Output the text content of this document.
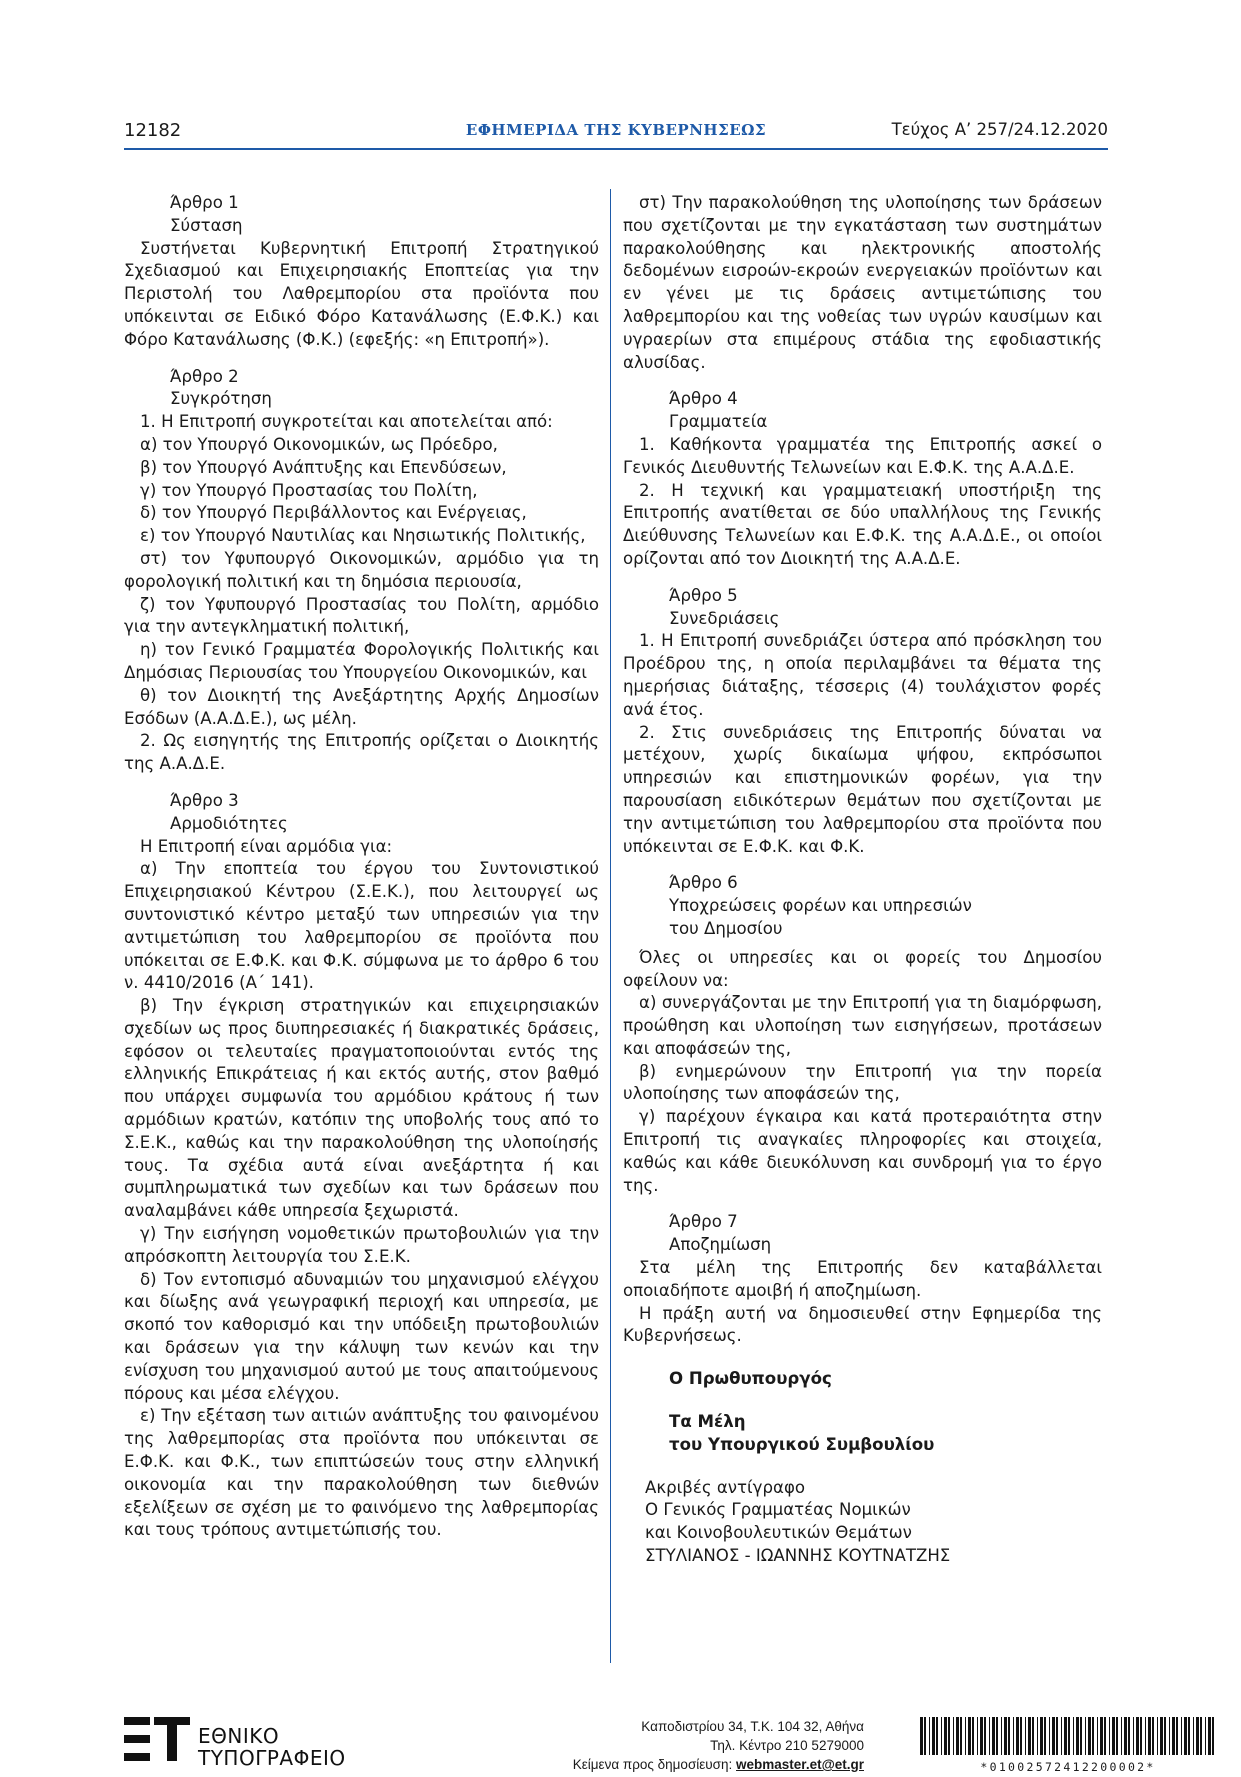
12182	ΕΦΗΜΕΡΙΔΑ ΤΗΣ ΚΥΒΕΡΝΗΣΕΩΣ	Τεύχος A’ 257/24.12.2020

Άρθρο 1

Σύσταση

Συστήνεται Κυβερνητική Επιτροπή Στρατηγικού Σχεδιασμού και Επιχειρησιακής Εποπτείας για την Περιστολή του Λαθρεμπορίου στα προϊόντα που υπόκεινται σε Ειδικό Φόρο Κατανάλωσης (Ε.Φ.Κ.) και Φόρο Κατανάλωσης (Φ.Κ.) (εφεξής: «η Επιτροπή»).

Άρθρο 2

Συγκρότηση

1. Η Επιτροπή συγκροτείται και αποτελείται από:

α) τον Υπουργό Οικονομικών, ως Πρόεδρο,

β) τον Υπουργό Ανάπτυξης και Επενδύσεων,

γ) τον Υπουργό Προστασίας του Πολίτη,

δ) τον Υπουργό Περιβάλλοντος και Ενέργειας,

ε) τον Υπουργό Ναυτιλίας και Νησιωτικής Πολιτικής,

στ) τον Υφυπουργό Οικονομικών, αρμόδιο για τη φορολογική πολιτική και τη δημόσια περιουσία,

ζ) τον Υφυπουργό Προστασίας του Πολίτη, αρμόδιο για την αντεγκληματική πολιτική,

η) τον Γενικό Γραμματέα Φορολογικής Πολιτικής και Δημόσιας Περιουσίας του Υπουργείου Οικονομικών, και

θ) τον Διοικητή της Ανεξάρτητης Αρχής Δημοσίων Εσόδων (Α.Α.Δ.Ε.), ως μέλη.

2. Ως εισηγητής της Επιτροπής ορίζεται ο Διοικητής της Α.Α.Δ.Ε.

Άρθρο 3

Αρμοδιότητες

Η Επιτροπή είναι αρμόδια για:

α) Την εποπτεία του έργου του Συντονιστικού Επιχειρησιακού Κέντρου (Σ.Ε.Κ.), που λειτουργεί ως συντονιστικό κέντρο μεταξύ των υπηρεσιών για την αντιμετώπιση του λαθρεμπορίου σε προϊόντα που υπόκειται σε Ε.Φ.Κ. και Φ.Κ. σύμφωνα με το άρθρο 6 του ν. 4410/2016 (Α΄ 141).

β) Την έγκριση στρατηγικών και επιχειρησιακών σχεδίων ως προς διυπηρεσιακές ή διακρατικές δράσεις, εφόσον οι τελευταίες πραγματοποιούνται εντός της ελληνικής Επικράτειας ή και εκτός αυτής, στον βαθμό που υπάρχει συμφωνία του αρμόδιου κράτους ή των αρμόδιων κρατών, κατόπιν της υποβολής τους από το Σ.Ε.Κ., καθώς και την παρακολούθηση της υλοποίησής τους. Τα σχέδια αυτά είναι ανεξάρτητα ή και συμπληρωματικά των σχεδίων και των δράσεων που αναλαμβάνει κάθε υπηρεσία ξεχωριστά.

γ) Την εισήγηση νομοθετικών πρωτοβουλιών για την απρόσκοπτη λειτουργία του Σ.Ε.Κ.

δ) Τον εντοπισμό αδυναμιών του μηχανισμού ελέγχου και δίωξης ανά γεωγραφική περιοχή και υπηρεσία, με σκοπό τον καθορισμό και την υπόδειξη πρωτοβουλιών και δράσεων για την κάλυψη των κενών και την ενίσχυση του μηχανισμού αυτού με τους απαιτούμενους πόρους και μέσα ελέγχου.

ε) Την εξέταση των αιτιών ανάπτυξης του φαινομένου της λαθρεμπορίας στα προϊόντα που υπόκεινται σε Ε.Φ.Κ. και Φ.Κ., των επιπτώσεών τους στην ελληνική οικονομία και την παρακολούθηση των διεθνών εξελίξεων σε σχέση με το φαινόμενο της λαθρεμπορίας και τους τρόπους αντιμετώπισής του.

στ) Την παρακολούθηση της υλοποίησης των δράσεων που σχετίζονται με την εγκατάσταση των συστημάτων παρακολούθησης και ηλεκτρονικής αποστολής δεδομένων εισροών-εκροών ενεργειακών προϊόντων και εν γένει με τις δράσεις αντιμετώπισης του λαθρεμπορίου και της νοθείας των υγρών καυσίμων και υγραερίων στα επιμέρους στάδια της εφοδιαστικής αλυσίδας.

Άρθρο 4

Γραμματεία

1. Καθήκοντα γραμματέα της Επιτροπής ασκεί ο Γενικός Διευθυντής Τελωνείων και Ε.Φ.Κ. της Α.Α.Δ.Ε.

2. Η τεχνική και γραμματειακή υποστήριξη της Επιτροπής ανατίθεται σε δύο υπαλλήλους της Γενικής Διεύθυνσης Τελωνείων και Ε.Φ.Κ. της Α.Α.Δ.Ε., οι οποίοι ορίζονται από τον Διοικητή της Α.Α.Δ.Ε.

Άρθρο 5

Συνεδριάσεις

1. Η Επιτροπή συνεδριάζει ύστερα από πρόσκληση του Προέδρου της, η οποία περιλαμβάνει τα θέματα της ημερήσιας διάταξης, τέσσερις (4) τουλάχιστον φορές ανά έτος.

2. Στις συνεδριάσεις της Επιτροπής δύναται να μετέχουν, χωρίς δικαίωμα ψήφου, εκπρόσωποι υπηρεσιών και επιστημονικών φορέων, για την παρουσίαση ειδικότερων θεμάτων που σχετίζονται με την αντιμετώπιση του λαθρεμπορίου στα προϊόντα που υπόκεινται σε Ε.Φ.Κ. και Φ.Κ.

Άρθρο 6

Υποχρεώσεις φορέων και υπηρεσιών

του Δημοσίου

Όλες οι υπηρεσίες και οι φορείς του Δημοσίου οφείλουν να:

α) συνεργάζονται με την Επιτροπή για τη διαμόρφωση, προώθηση και υλοποίηση των εισηγήσεων, προτάσεων και αποφάσεών της,

β) ενημερώνουν την Επιτροπή για την πορεία υλοποίησης των αποφάσεών της,

γ) παρέχουν έγκαιρα και κατά προτεραιότητα στην Επιτροπή τις αναγκαίες πληροφορίες και στοιχεία, καθώς και κάθε διευκόλυνση και συνδρομή για το έργο της.

Άρθρο 7

Αποζημίωση

Στα μέλη της Επιτροπής δεν καταβάλλεται οποιαδήποτε αμοιβή ή αποζημίωση.

Η πράξη αυτή να δημοσιευθεί στην Εφημερίδα της Κυβερνήσεως.

Ο Πρωθυπουργός

Τα Μέλη

του Υπουργικού Συμβουλίου

Ακριβές αντίγραφο

Ο Γενικός Γραμματέας Νομικών

και Κοινοβουλευτικών Θεμάτων

ΣΤΥΛΙΑΝΟΣ - ΙΩΑΝΝΗΣ ΚΟΥΤΝΑΤΖΗΣ

ΕΘΝΙΚΟ
ΤΥΠΟΓΡΑΦΕΙΟ
Καποδιστρίου 34, Τ.Κ. 104 32, Αθήνα
Τηλ. Κέντρο 210 5279000
Κείμενα προς δημοσίευση: webmaster.et@et.gr	*01002572412200002*
